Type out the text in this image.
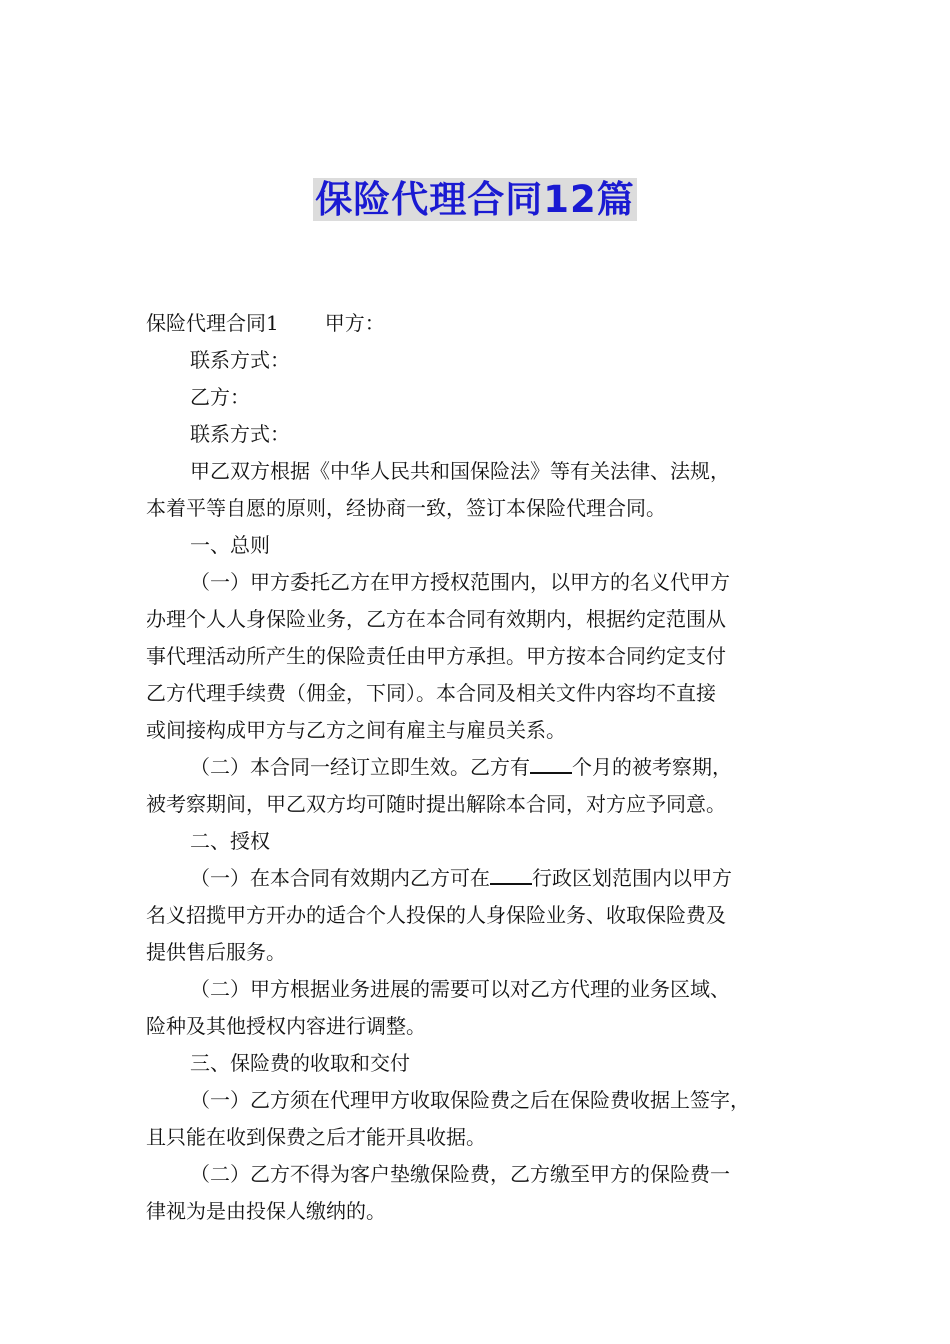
保险代理合同12篇

保险代理合同1 甲方：

联系方式：

乙方：

联系方式：

甲乙双方根据《中华人民共和国保险法》等有关法律、法规，

本着平等自愿的原则，经协商一致，签订本保险代理合同。

一、总则

（一）甲方委托乙方在甲方授权范围内，以甲方的名义代甲方

办理个人人身保险业务，乙方在本合同有效期内，根据约定范围从

事代理活动所产生的保险责任由甲方承担。甲方按本合同约定支付

乙方代理手续费（佣金，下同）。本合同及相关文件内容均不直接

或间接构成甲方与乙方之间有雇主与雇员关系。

（二）本合同一经订立即生效。乙方有 个月的被考察期，

被考察期间，甲乙双方均可随时提出解除本合同，对方应予同意。

二、授权

（一）在本合同有效期内乙方可在 行政区划范围内以甲方

名义招揽甲方开办的适合个人投保的人身保险业务、收取保险费及

提供售后服务。

（二）甲方根据业务进展的需要可以对乙方代理的业务区域、

险种及其他授权内容进行调整。

三、保险费的收取和交付

（一）乙方须在代理甲方收取保险费之后在保险费收据上签字，

且只能在收到保费之后才能开具收据。

（二）乙方不得为客户垫缴保险费，乙方缴至甲方的保险费一

律视为是由投保人缴纳的。
